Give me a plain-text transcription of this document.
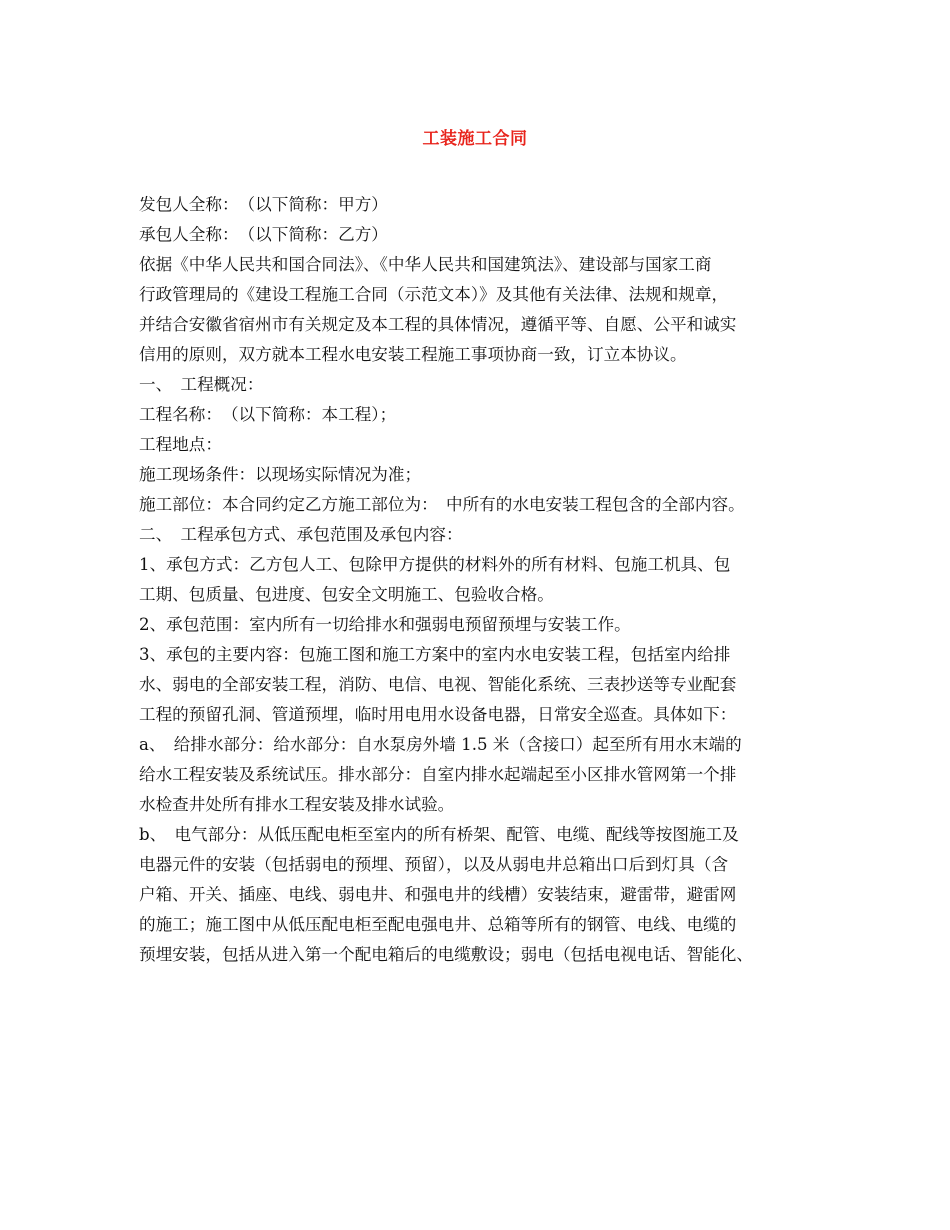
工装施工合同
发包人全称：　（以下简称：甲方）
承包人全称：　（以下简称：乙方）
依据《中华人民共和国合同法》、《中华人民共和国建筑法》、建设部与国家工商
行政管理局的《建设工程施工合同（示范文本）》及其他有关法律、法规和规章，
并结合安徽省宿州市有关规定及本工程的具体情况，遵循平等、自愿、公平和诚实
信用的原则，双方就本工程水电安装工程施工事项协商一致，订立本协议。
一、　工程概况：
工程名称：　（以下简称：本工程）；
工程地点：
施工现场条件：以现场实际情况为准；
施工部位：本合同约定乙方施工部位为：　中所有的水电安装工程包含的全部内容。
二、　工程承包方式、承包范围及承包内容：
1、承包方式：乙方包人工、包除甲方提供的材料外的所有材料、包施工机具、包
工期、包质量、包进度、包安全文明施工、包验收合格。
2、承包范围：室内所有一切给排水和强弱电预留预埋与安装工作。
3、承包的主要内容：包施工图和施工方案中的室内水电安装工程，包括室内给排
水、弱电的全部安装工程，消防、电信、电视、智能化系统、三表抄送等专业配套
工程的预留孔洞、管道预埋，临时用电用水设备电器，日常安全巡查。具体如下：
a、　给排水部分：给水部分：自水泵房外墙 1.5 米（含接口）起至所有用水末端的
给水工程安装及系统试压。排水部分：自室内排水起端起至小区排水管网第一个排
水检查井处所有排水工程安装及排水试验。
b、　电气部分：从低压配电柜至室内的所有桥架、配管、电缆、配线等按图施工及
电器元件的安装（包括弱电的预埋、预留），以及从弱电井总箱出口后到灯具（含
户箱、开关、插座、电线、弱电井、和强电井的线槽）安装结束，避雷带，避雷网
的施工；施工图中从低压配电柜至配电强电井、总箱等所有的钢管、电线、电缆的
预埋安装，包括从进入第一个配电箱后的电缆敷设；弱电（包括电视电话、智能化、
